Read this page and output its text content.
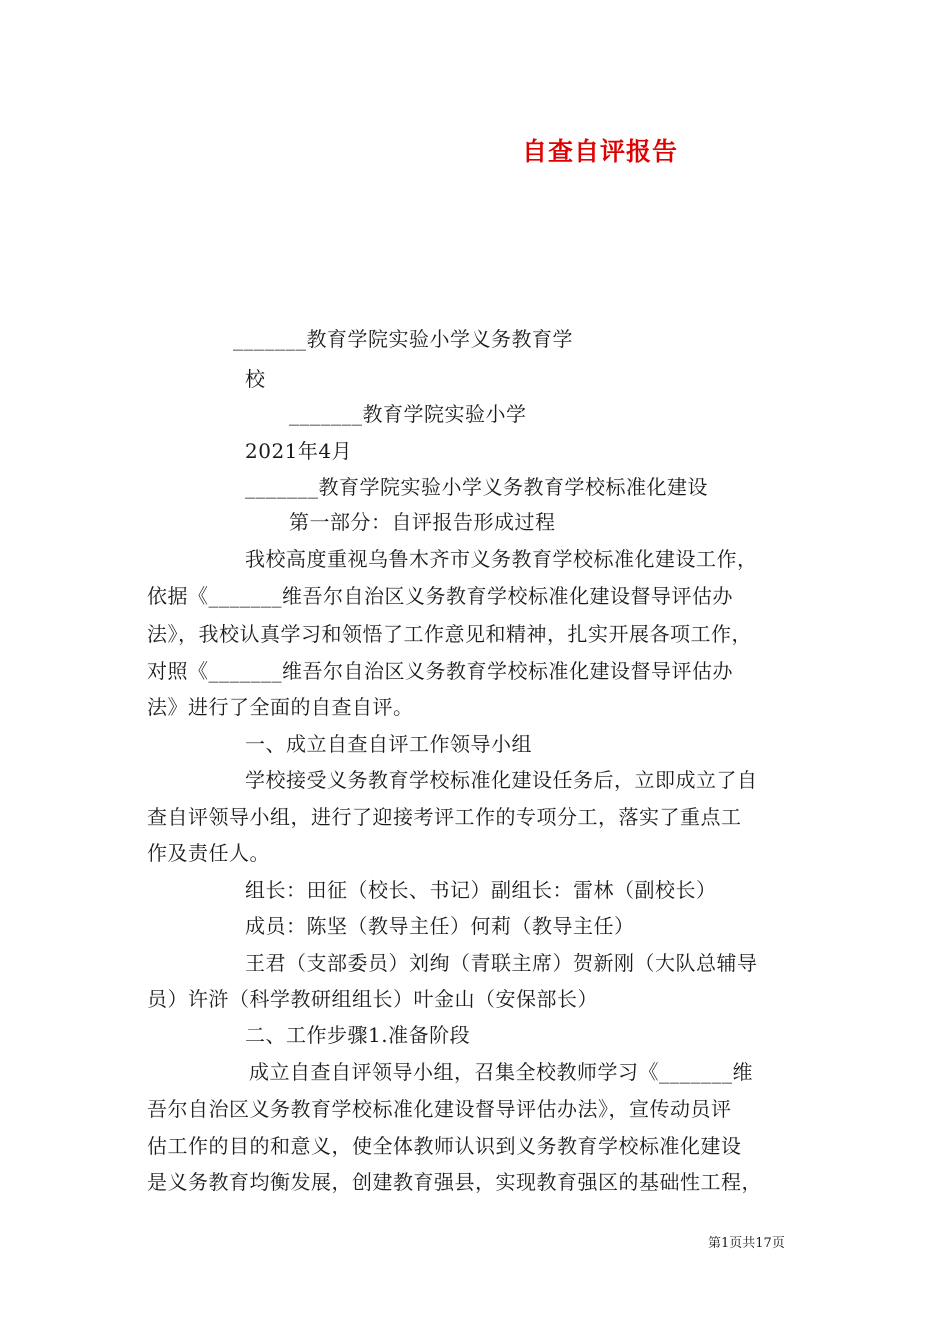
自查自评报告
_______教育学院实验小学义务教育学
校
_______教育学院实验小学
2021年4月
_______教育学院实验小学义务教育学校标准化建设
第一部分：自评报告形成过程
我校高度重视乌鲁木齐市义务教育学校标准化建设工作，
依据《_______维吾尔自治区义务教育学校标准化建设督导评估办
法》，我校认真学习和领悟了工作意见和精神，扎实开展各项工作，
对照《_______维吾尔自治区义务教育学校标准化建设督导评估办
法》进行了全面的自查自评。
一、成立自查自评工作领导小组
学校接受义务教育学校标准化建设任务后，立即成立了自
查自评领导小组，进行了迎接考评工作的专项分工，落实了重点工
作及责任人。
组长：田征（校长、书记）副组长：雷林（副校长）
成员：陈坚（教导主任）何莉（教导主任）
王君（支部委员）刘绚（青联主席）贺新刚（大队总辅导
员）许浒（科学教研组组长）叶金山（安保部长）
二、工作步骤1.准备阶段
成立自查自评领导小组，召集全校教师学习《_______维
吾尔自治区义务教育学校标准化建设督导评估办法》，宣传动员评
估工作的目的和意义，使全体教师认识到义务教育学校标准化建设
是义务教育均衡发展，创建教育强县，实现教育强区的基础性工程，
第1页共17页
